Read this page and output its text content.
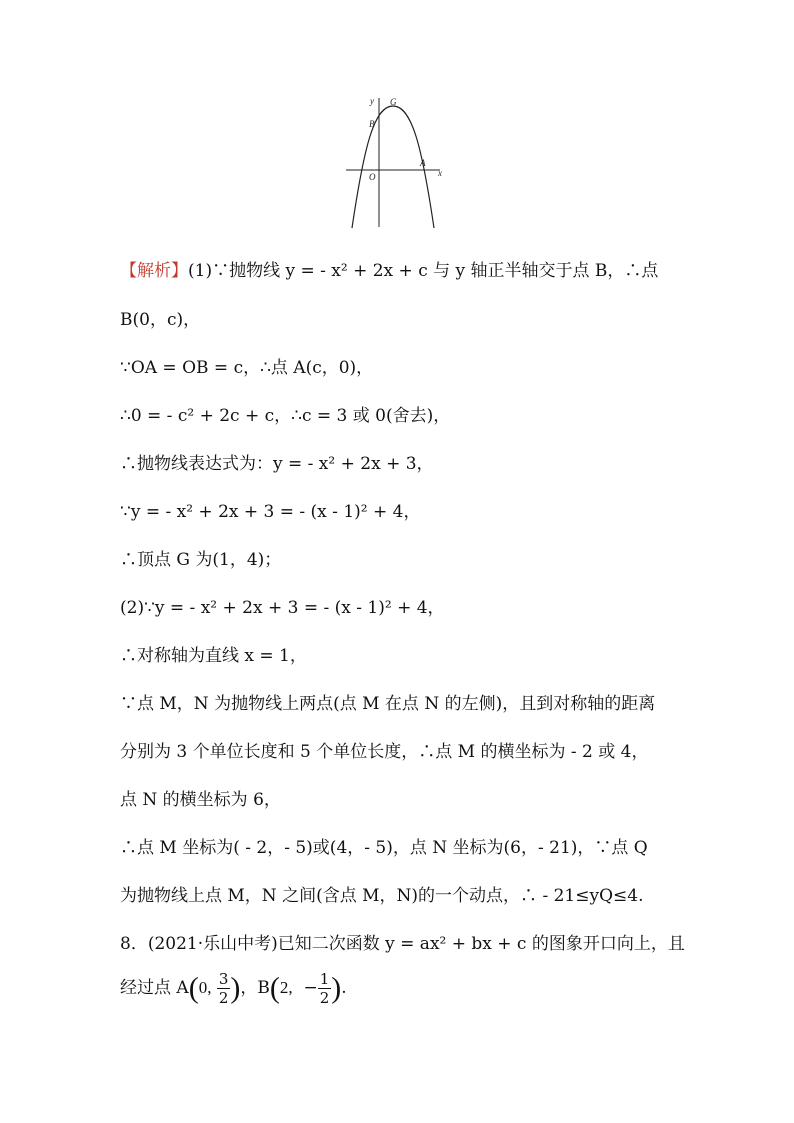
y G
B
A
O	x
【解析】(1)∵抛物线 y = - x² + 2x + c 与 y 轴正半轴交于点 B，∴点
B(0，c)，
∵OA = OB = c，∴点 A(c，0)，
∴0 = - c² + 2c + c，∴c = 3 或 0(舍去)，
∴抛物线表达式为：y = - x² + 2x + 3，
∵y = - x² + 2x + 3 = - (x - 1)² + 4，
∴顶点 G 为(1，4)；
(2)∵y = - x² + 2x + 3 = - (x - 1)² + 4，
∴对称轴为直线 x = 1，
∵点 M，N 为抛物线上两点(点 M 在点 N 的左侧)，且到对称轴的距离
分别为 3 个单位长度和 5 个单位长度，∴点 M 的横坐标为 - 2 或 4，
点 N 的横坐标为 6，
∴点 M 坐标为( - 2，- 5)或(4，- 5)，点 N 坐标为(6，- 21)，∵点 Q
为抛物线上点 M，N 之间(含点 M，N)的一个动点，∴ - 21≤yQ≤4.
8．(2021·乐山中考)已知二次函数 y = ax² + bx + c 的图象开口向上，且
经过点 A(0, $\frac{3}{2}$ )，B(2, − $\frac{1}{2}$ ).
